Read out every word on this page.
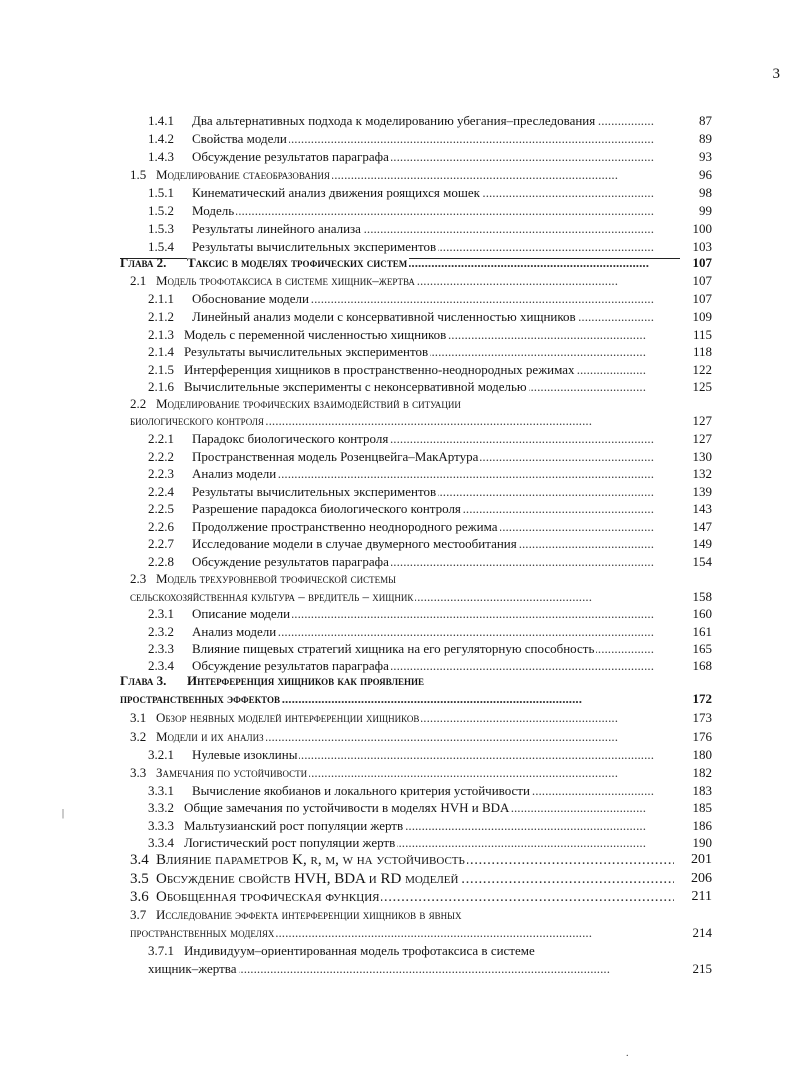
3
1.4.1 Два альтернативных подхода к моделированию убегания–преследования . . .	87
1.4.2 Свойства модели . . .	89
1.4.3 Обсуждение результатов параграфа . . .	93
1.5 Моделирование стаеобразования . . .	96
1.5.1 Кинематический анализ движения роящихся мошек . . .	98
1.5.2 Модель . . .	99
1.5.3 Результаты линейного анализа . . .	100
1.5.4 Результаты вычислительных экспериментов . . .	103
Глава 2. Таксис в моделях трофических систем . . .	107
2.1 Модель трофотаксиса в системе хищник–жертва . . .	107
2.1.1 Обоснование модели . . .	107
2.1.2 Линейный анализ модели с консервативной численностью хищников . . .	109
2.1.3 Модель с переменной численностью хищников . . .	115
2.1.4 Результаты вычислительных экспериментов . . .	118
2.1.5 Интерференция хищников в пространственно-неоднородных режимах . . .	122
2.1.6 Вычислительные эксперименты с неконсервативной моделью . . .	125
2.2 Моделирование трофических взаимодействий в ситуации
биологического контроля . . .	127
2.2.1 Парадокс биологического контроля . . .	127
2.2.2 Пространственная модель Розенцвейга–МакАртура . . .	130
2.2.3 Анализ модели . . .	132
2.2.4 Результаты вычислительных экспериментов . . .	139
2.2.5 Разрешение парадокса биологического контроля . . .	143
2.2.6 Продолжение пространственно неоднородного режима . . .	147
2.2.7 Исследование модели в случае двумерного местообитания . . .	149
2.2.8 Обсуждение результатов параграфа . . .	154
2.3 Модель трехуровневой трофической системы
сельскохозяйственная культура – вредитель – хищник . . .	158
2.3.1 Описание модели . . .	160
2.3.2 Анализ модели . . .	161
2.3.3 Влияние пищевых стратегий хищника на его регуляторную способность . . .	165
2.3.4 Обсуждение результатов параграфа . . .	168
Глава 3. Интерференция хищников как проявление
пространственных эффектов . . .	172
3.1 Обзор неявных моделей интерференции хищников . . .	173
3.2 Модели и их анализ . . .	176
3.2.1 Нулевые изоклины . . .	180
3.3 Замечания по устойчивости . . .	182
3.3.1 Вычисление якобианов и локального критерия устойчивости . . .	183
3.3.2 Общие замечания по устойчивости в моделях HVH и BDA . . .	185
3.3.3 Мальтузианский рост популяции жертв . . .	186
3.3.4 Логистический рост популяции жертв . . .	190
3.4 Влияние параметров K, r, m, w на устойчивость . . .	201
3.5 Обсуждение свойств HVH, BDA и RD моделей . . .	206
3.6 Обобщенная трофическая функция . . .	211
3.7 Исследование эффекта интерференции хищников в явных
пространственных моделях . . .	214
3.7.1 Индивидуум–ориентированная модель трофотаксиса в системе
хищник–жертва . . .	215
|
.
